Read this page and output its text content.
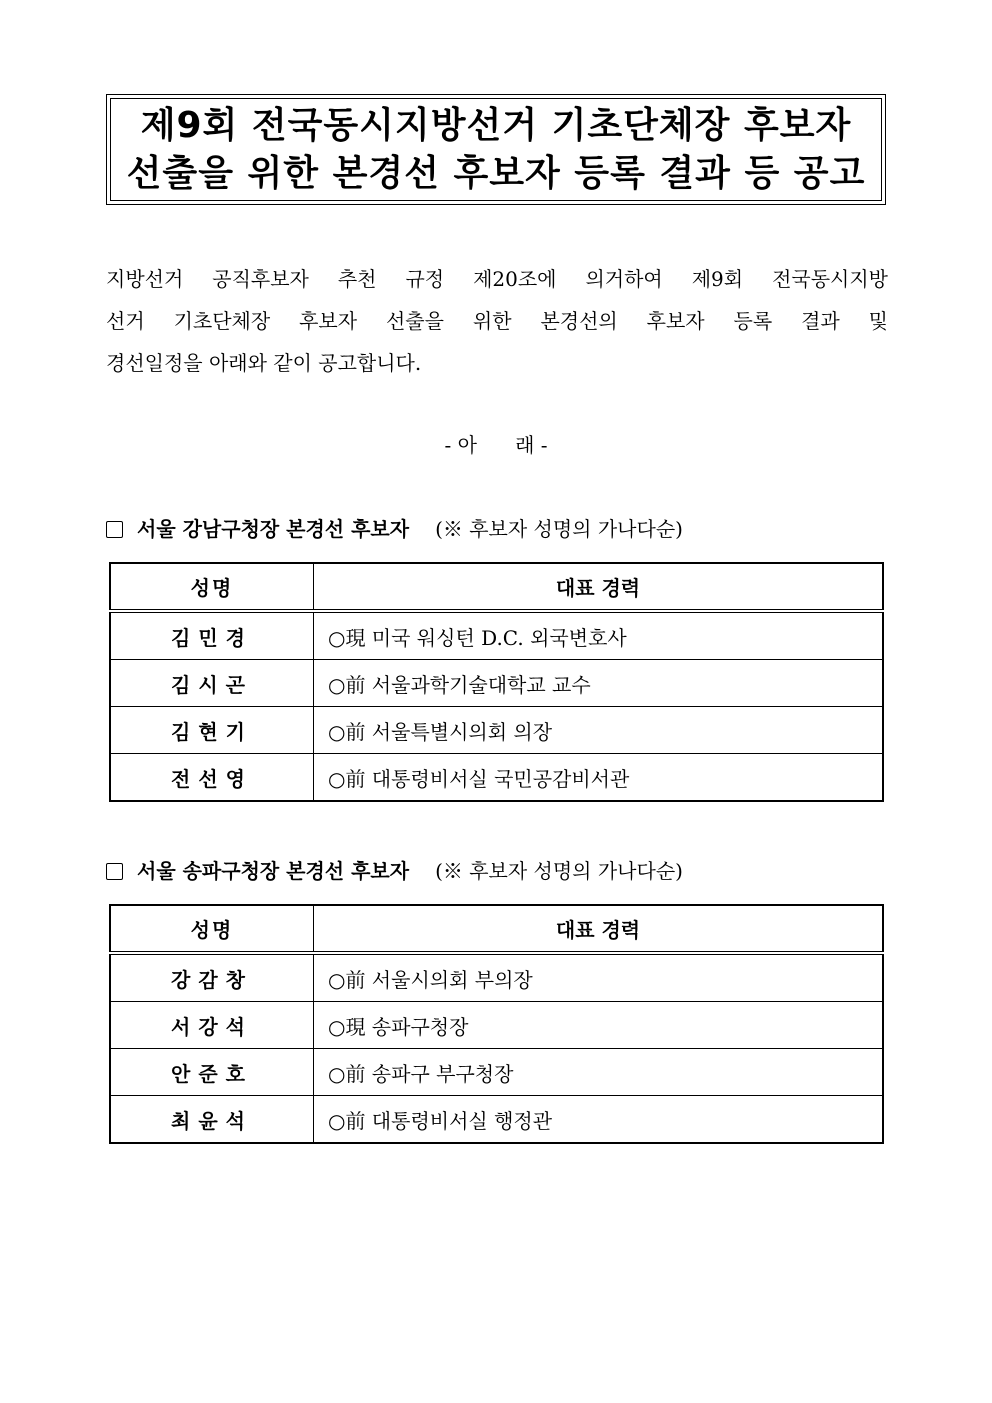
제9회 전국동시지방선거 기초단체장 후보자
선출을 위한 본경선 후보자 등록 결과 등 공고

지방선거 공직후보자 추천 규정 제20조에 의거하여 제9회 전국동시지방
선거 기초단체장 후보자 선출을 위한 본경선의 후보자 등록 결과 및
경선일정을 아래와 같이 공고합니다.

- 아      래 -
서울 강남구청장 본경선 후보자 (※ 후보자 성명의 가나다순)
성명	대표 경력
김민경	○現 미국 워싱턴 D.C. 외국변호사
김시곤	○前 서울과학기술대학교 교수
김현기	○前 서울특별시의회 의장
전선영	○前 대통령비서실 국민공감비서관
서울 송파구청장 본경선 후보자 (※ 후보자 성명의 가나다순)
성명	대표 경력
강감창	○前 서울시의회 부의장
서강석	○現 송파구청장
안준호	○前 송파구 부구청장
최윤석	○前 대통령비서실 행정관
